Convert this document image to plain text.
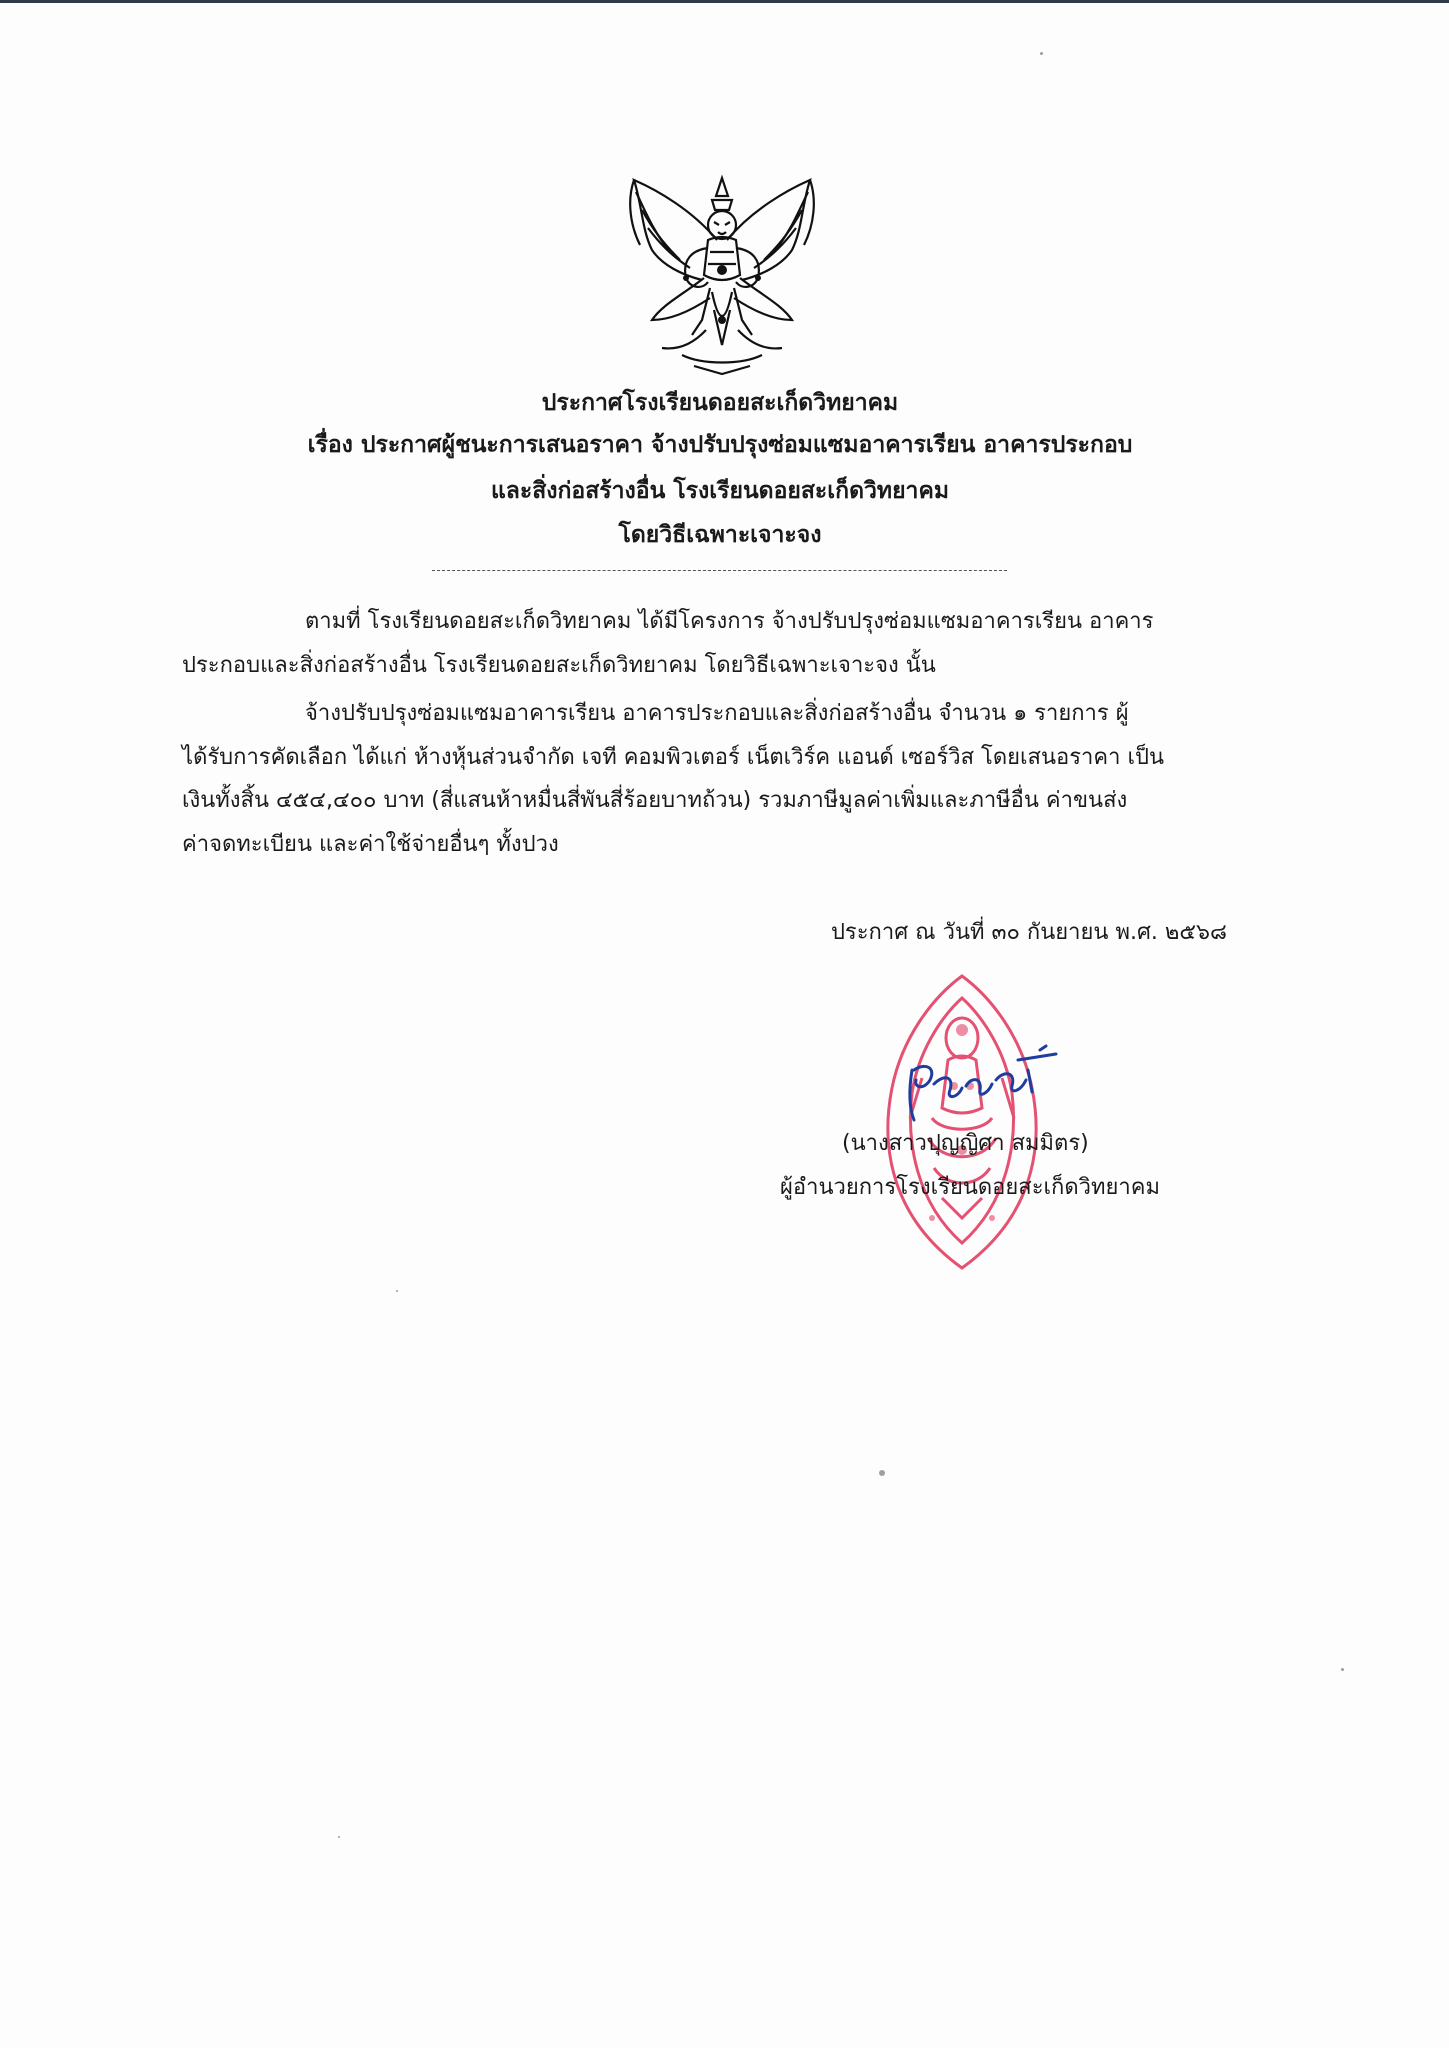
ประกาศโรงเรียนดอยสะเก็ดวิทยาคม
เรื่อง ประกาศผู้ชนะการเสนอราคา จ้างปรับปรุงซ่อมแซมอาคารเรียน อาคารประกอบ
และสิ่งก่อสร้างอื่น โรงเรียนดอยสะเก็ดวิทยาคม
โดยวิธีเฉพาะเจาะจง
ตามที่ โรงเรียนดอยสะเก็ดวิทยาคม ได้มีโครงการ จ้างปรับปรุงซ่อมแซมอาคารเรียน อาคาร
ประกอบและสิ่งก่อสร้างอื่น โรงเรียนดอยสะเก็ดวิทยาคม โดยวิธีเฉพาะเจาะจง นั้น
จ้างปรับปรุงซ่อมแซมอาคารเรียน อาคารประกอบและสิ่งก่อสร้างอื่น จำนวน ๑ รายการ ผู้
ได้รับการคัดเลือก ได้แก่ ห้างหุ้นส่วนจำกัด เจที คอมพิวเตอร์ เน็ตเวิร์ค แอนด์ เซอร์วิส โดยเสนอราคา เป็น
เงินทั้งสิ้น ๔๕๔,๔๐๐ บาท (สี่แสนห้าหมื่นสี่พันสี่ร้อยบาทถ้วน) รวมภาษีมูลค่าเพิ่มและภาษีอื่น ค่าขนส่ง
ค่าจดทะเบียน และค่าใช้จ่ายอื่นๆ ทั้งปวง
ประกาศ ณ วันที่ ๓๐ กันยายน พ.ศ. ๒๕๖๘
(นางสาวปุญญิศา สมมิตร)
ผู้อำนวยการโรงเรียนดอยสะเก็ดวิทยาคม
